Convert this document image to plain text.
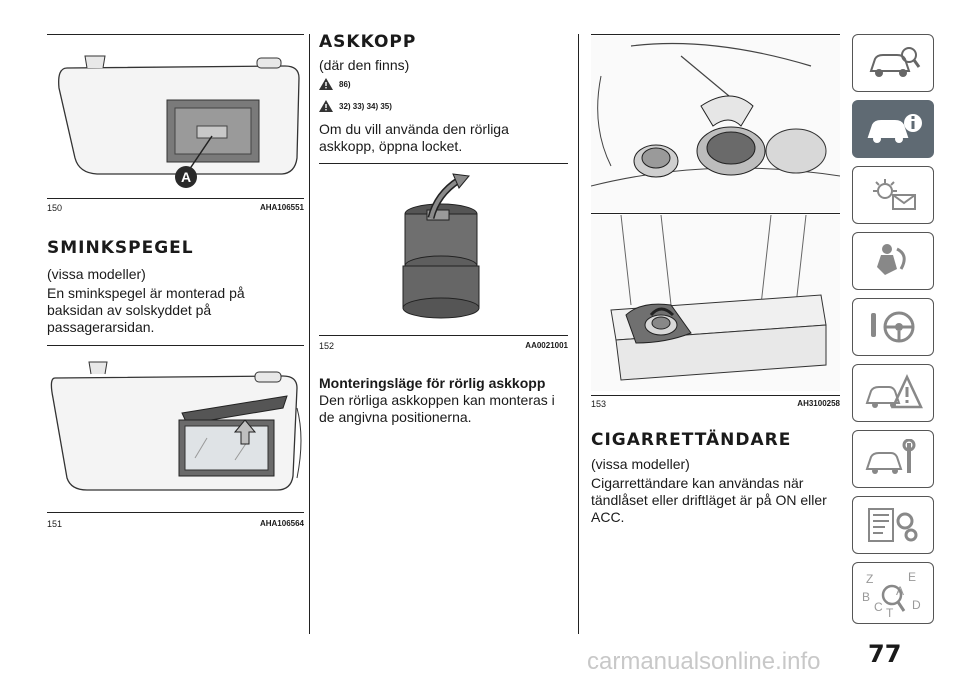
A
150	AHA106551
SMINKSPEGEL

(vissa modeller)

En sminkspegel är monterad på baksidan av solskyddet på passagerarsidan.

151	AHA106564
ASKKOPP

(där den finns)

86)
32) 33) 34) 35)

Om du vill använda den rörliga askkopp, öppna locket.

152	AA0021001
Monteringsläge för rörlig askkopp

Den rörliga askkoppen kan monteras i de angivna positionerna.

153	AH3100258
CIGARRETTÄNDARE

(vissa modeller)

Cigarrettändare kan användas när tändlåset eller driftläget är på ON eller ACC.

Z	E
A
B
C T
D
77
carmanualsonline.info
